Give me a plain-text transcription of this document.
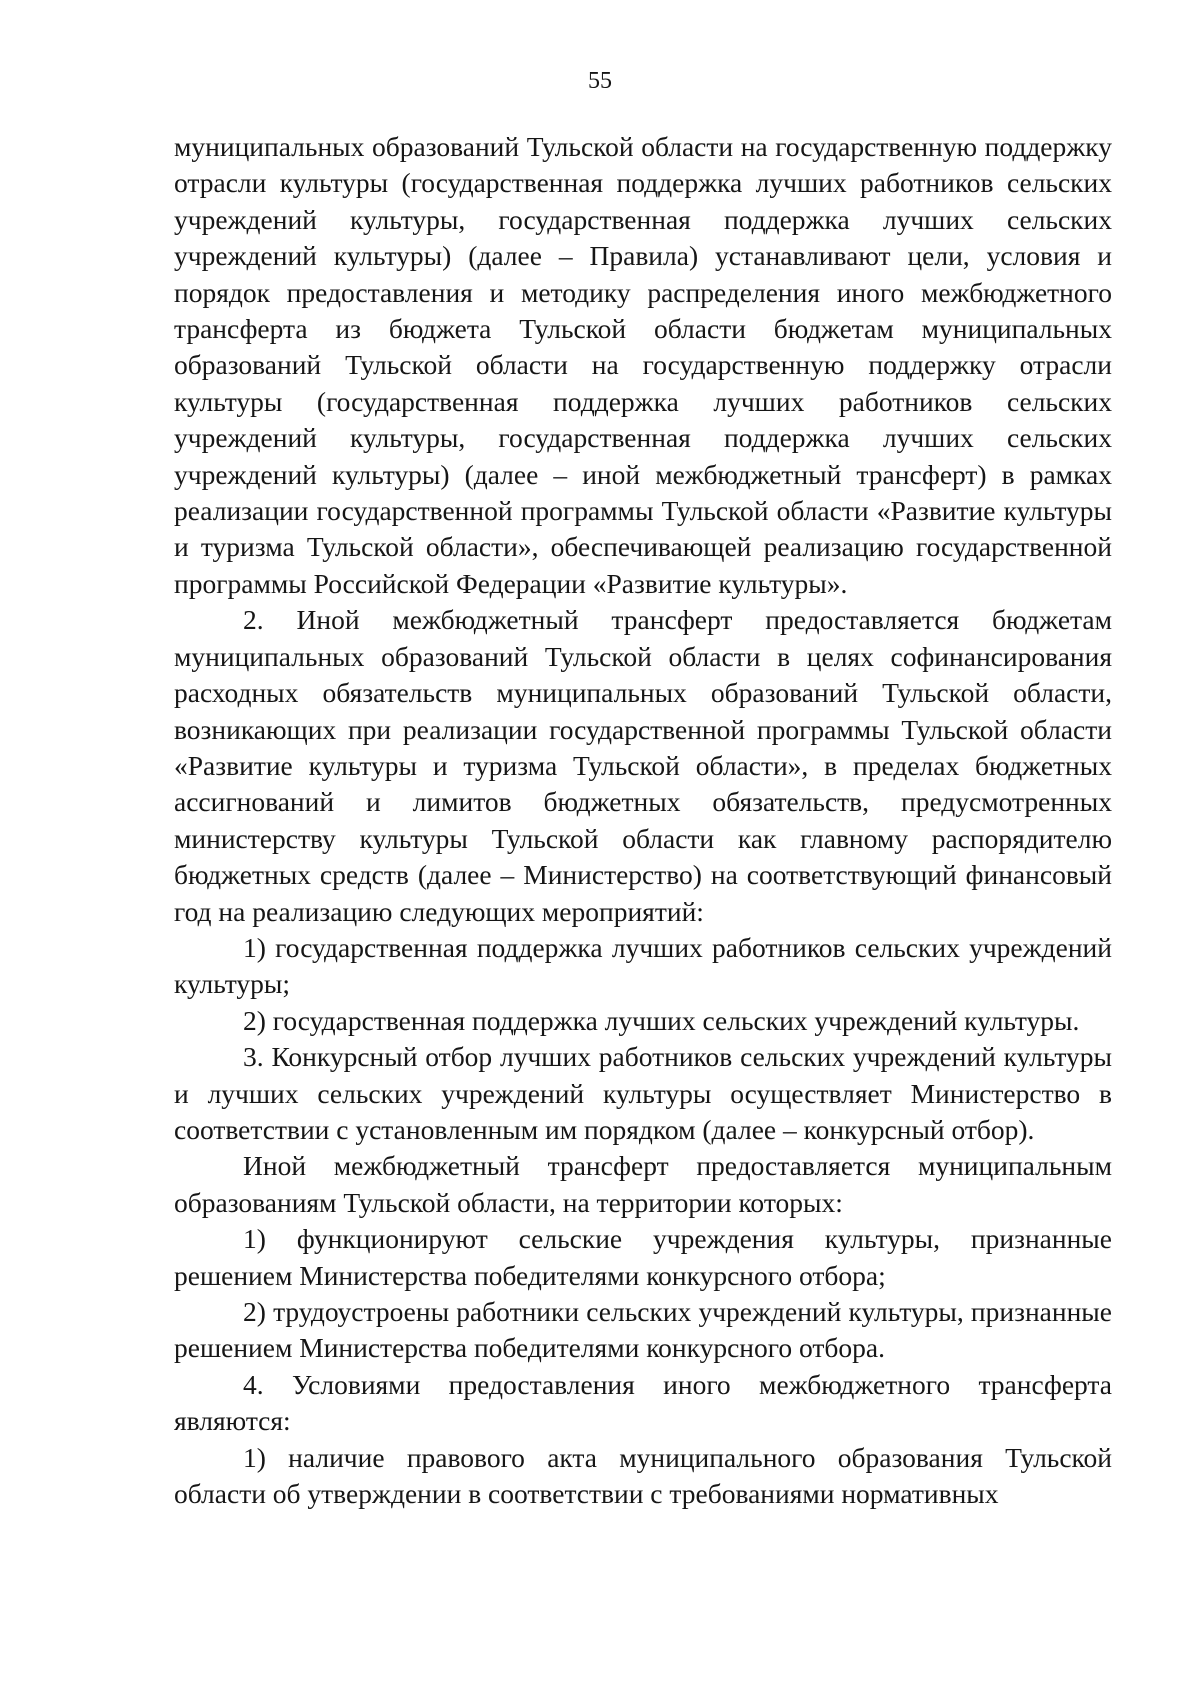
55

муниципальных образований Тульской области на государственную поддержку отрасли культуры (государственная поддержка лучших работников сельских учреждений культуры, государственная поддержка лучших сельских учреждений культуры) (далее – Правила) устанавливают цели, условия и порядок предоставления и методику распределения иного межбюджетного трансферта из бюджета Тульской области бюджетам муниципальных образований Тульской области на государственную поддержку отрасли культуры (государственная поддержка лучших работников сельских учреждений культуры, государственная поддержка лучших сельских учреждений культуры) (далее – иной межбюджетный трансферт) в рамках реализации государственной программы Тульской области «Развитие культуры и туризма Тульской области», обеспечивающей реализацию государственной программы Российской Федерации «Развитие культуры».

2. Иной межбюджетный трансферт предоставляется бюджетам муниципальных образований Тульской области в целях софинансирования расходных обязательств муниципальных образований Тульской области, возникающих при реализации государственной программы Тульской области «Развитие культуры и туризма Тульской области», в пределах бюджетных ассигнований и лимитов бюджетных обязательств, предусмотренных министерству культуры Тульской области как главному распорядителю бюджетных средств (далее – Министерство) на соответствующий финансовый год на реализацию следующих мероприятий:

1) государственная поддержка лучших работников сельских учреждений культуры;

2) государственная поддержка лучших сельских учреждений культуры.

3. Конкурсный отбор лучших работников сельских учреждений культуры и лучших сельских учреждений культуры осуществляет Министерство в соответствии с установленным им порядком (далее – конкурсный отбор).

Иной межбюджетный трансферт предоставляется муниципальным образованиям Тульской области, на территории которых:

1) функционируют сельские учреждения культуры, признанные решением Министерства победителями конкурсного отбора;

2) трудоустроены работники сельских учреждений культуры, признанные решением Министерства победителями конкурсного отбора.

4. Условиями предоставления иного межбюджетного трансферта являются:

1) наличие правового акта муниципального образования Тульской области об утверждении в соответствии с требованиями нормативных
